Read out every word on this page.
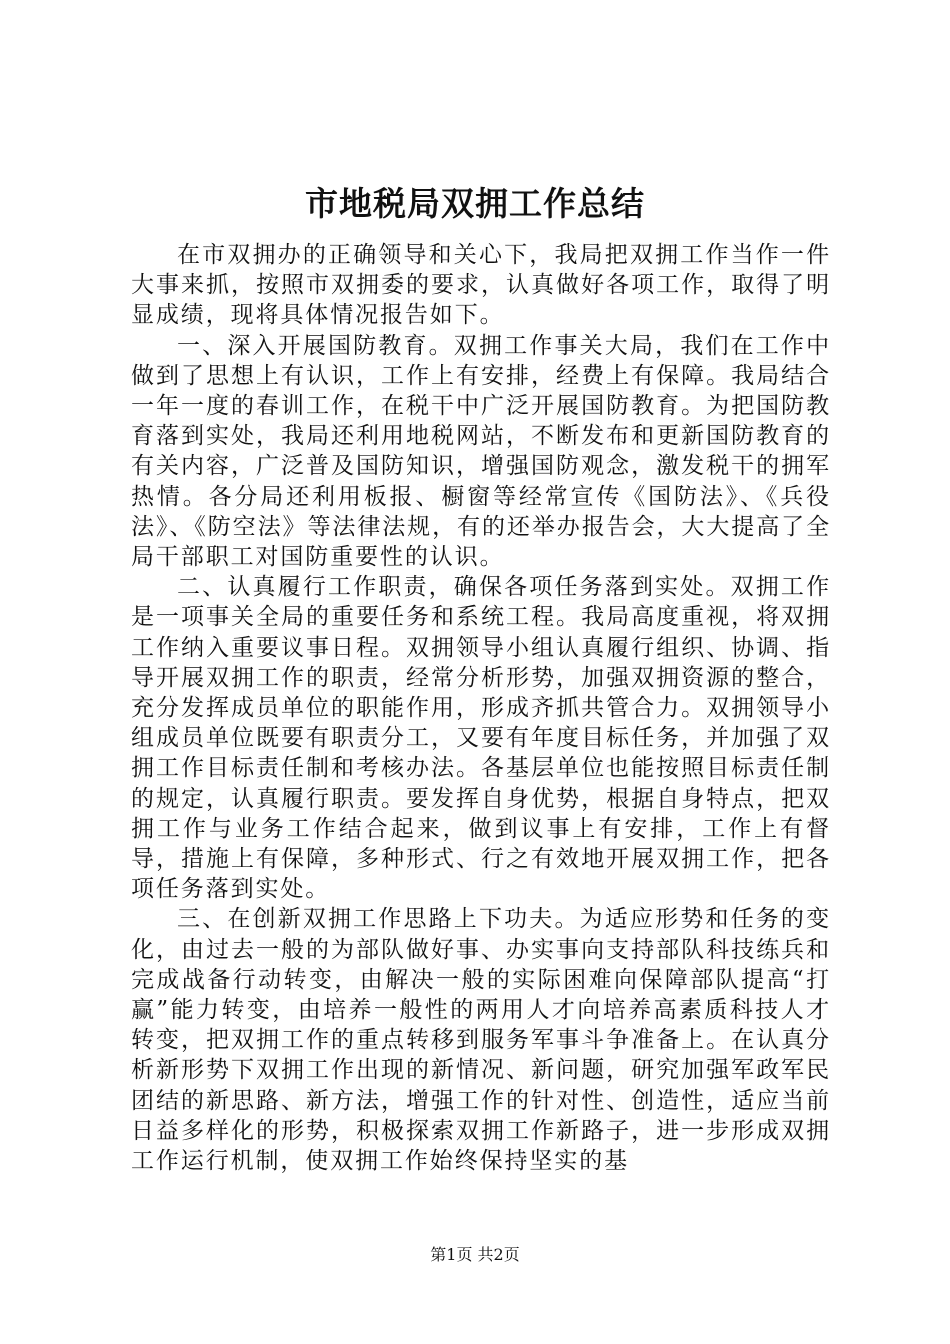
市地税局双拥工作总结

在市双拥办的正确领导和关心下，我局把双拥工作当作一件大事来抓，按照市双拥委的要求，认真做好各项工作，取得了明显成绩，现将具体情况报告如下。

一、深入开展国防教育。双拥工作事关大局，我们在工作中做到了思想上有认识，工作上有安排，经费上有保障。我局结合一年一度的春训工作，在税干中广泛开展国防教育。为把国防教育落到实处，我局还利用地税网站，不断发布和更新国防教育的有关内容，广泛普及国防知识，增强国防观念，激发税干的拥军热情。各分局还利用板报、橱窗等经常宣传《国防法》、《兵役法》、《防空法》等法律法规，有的还举办报告会，大大提高了全局干部职工对国防重要性的认识。

二、认真履行工作职责，确保各项任务落到实处。双拥工作是一项事关全局的重要任务和系统工程。我局高度重视，将双拥工作纳入重要议事日程。双拥领导小组认真履行组织、协调、指导开展双拥工作的职责，经常分析形势，加强双拥资源的整合，充分发挥成员单位的职能作用，形成齐抓共管合力。双拥领导小组成员单位既要有职责分工，又要有年度目标任务，并加强了双拥工作目标责任制和考核办法。各基层单位也能按照目标责任制的规定，认真履行职责。要发挥自身优势，根据自身特点，把双拥工作与业务工作结合起来，做到议事上有安排，工作上有督导，措施上有保障，多种形式、行之有效地开展双拥工作，把各项任务落到实处。

三、在创新双拥工作思路上下功夫。为适应形势和任务的变化，由过去一般的为部队做好事、办实事向支持部队科技练兵和完成战备行动转变，由解决一般的实际困难向保障部队提高“打赢”能力转变，由培养一般性的两用人才向培养高素质科技人才转变，把双拥工作的重点转移到服务军事斗争准备上。在认真分析新形势下双拥工作出现的新情况、新问题，研究加强军政军民团结的新思路、新方法，增强工作的针对性、创造性，适应当前日益多样化的形势，积极探索双拥工作新路子，进一步形成双拥工作运行机制，使双拥工作始终保持坚实的基

第1页 共2页
